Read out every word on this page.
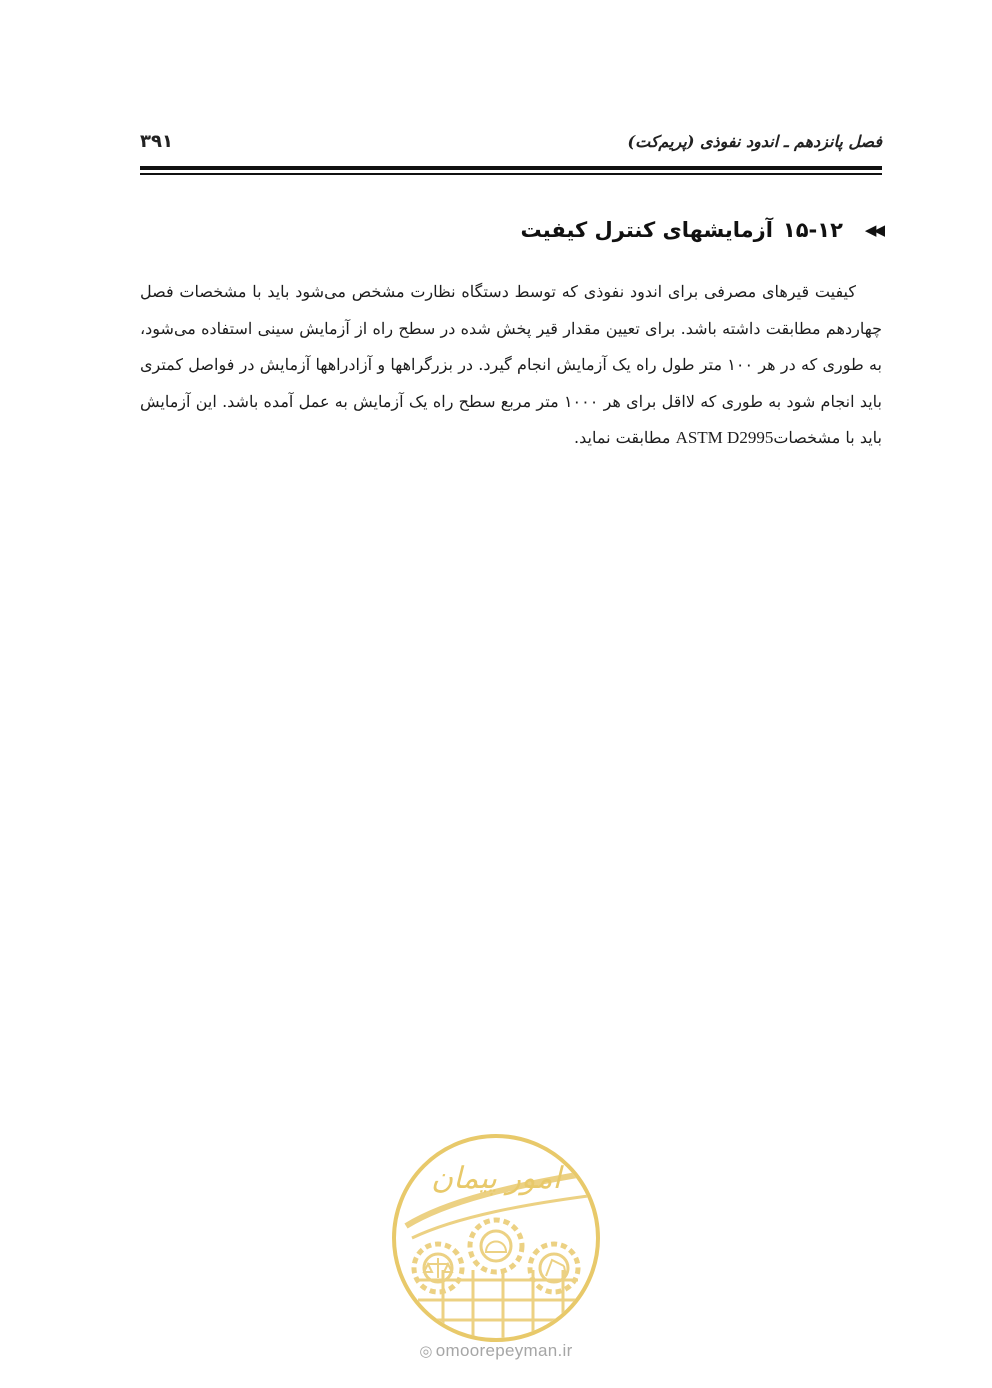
فصل پانزدهم ـ اندود نفوذی (پریم‌کت)
۳۹۱
◀◀۱۵-۱۲آزمایشهای کنترل کیفیت

کیفیت قیرهای مصرفی برای اندود نفوذی که توسط دستگاه نظارت مشخص می‌شود باید با مشخصات فصل چهاردهم مطابقت داشته باشد. برای تعیین مقدار قیر پخش شده در سطح راه از آزمایش سینی استفاده می‌شود، به طوری که در هر ۱۰۰ متر طول راه یک آزمایش انجام گیرد. در بزرگراهها و آزادراهها آزمایش در فواصل کمتری باید انجام شود به طوری که لااقل برای هر ۱۰۰۰ متر مربع سطح راه یک آزمایش به عمل آمده باشد. این آزمایش باید با مشخصاتASTM D2995 مطابقت نماید.

امور پیمان
◎ omoorepeyman.ir
